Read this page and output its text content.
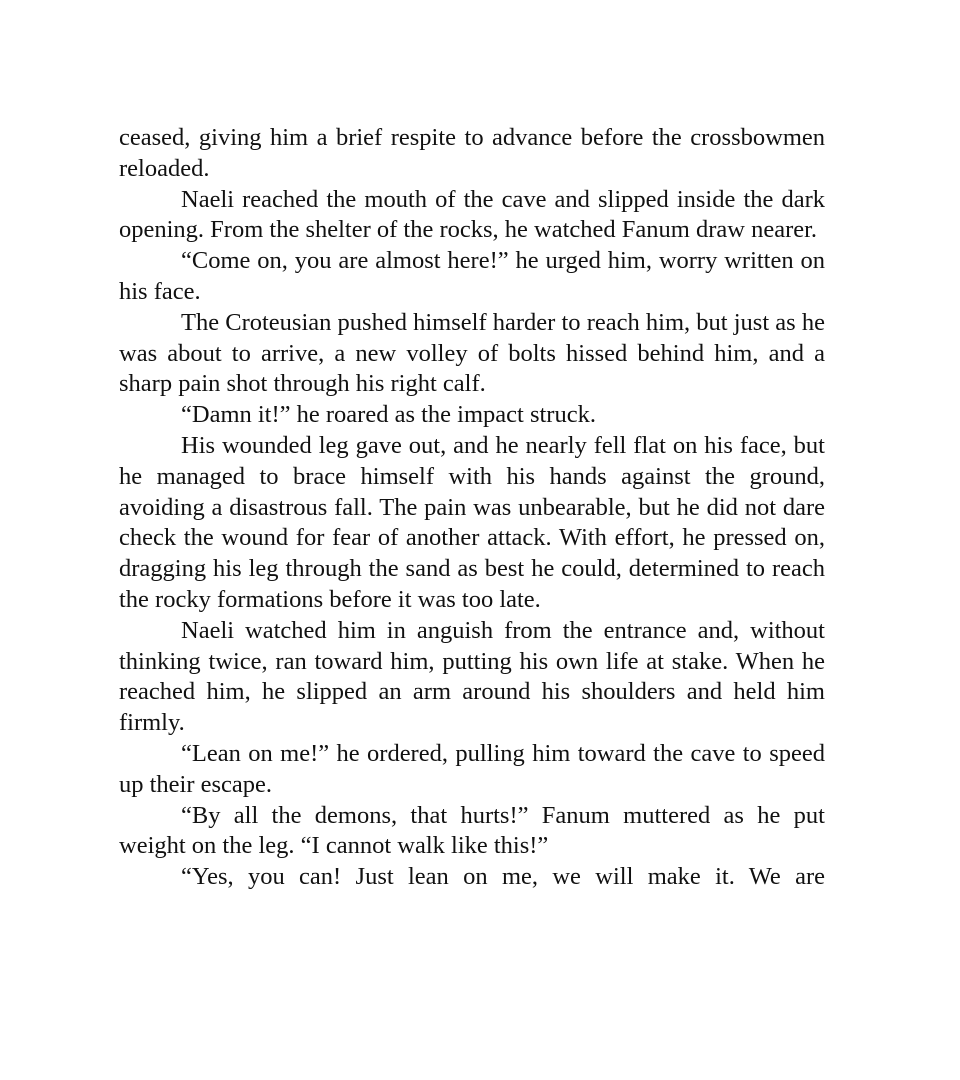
ceased, giving him a brief respite to advance before the crossbowmen reloaded.

Naeli reached the mouth of the cave and slipped inside the dark opening. From the shelter of the rocks, he watched Fanum draw nearer.

“Come on, you are almost here!” he urged him, worry written on his face.

The Croteusian pushed himself harder to reach him, but just as he was about to arrive, a new volley of bolts hissed behind him, and a sharp pain shot through his right calf.

“Damn it!” he roared as the impact struck.

His wounded leg gave out, and he nearly fell flat on his face, but he managed to brace himself with his hands against the ground, avoiding a disastrous fall. The pain was unbearable, but he did not dare check the wound for fear of another attack. With effort, he pressed on, dragging his leg through the sand as best he could, determined to reach the rocky formations before it was too late.

Naeli watched him in anguish from the entrance and, without thinking twice, ran toward him, putting his own life at stake. When he reached him, he slipped an arm around his shoulders and held him firmly.

“Lean on me!” he ordered, pulling him toward the cave to speed up their escape.

“By all the demons, that hurts!” Fanum muttered as he put weight on the leg. “I cannot walk like this!”

“Yes, you can! Just lean on me, we will make it. We are
